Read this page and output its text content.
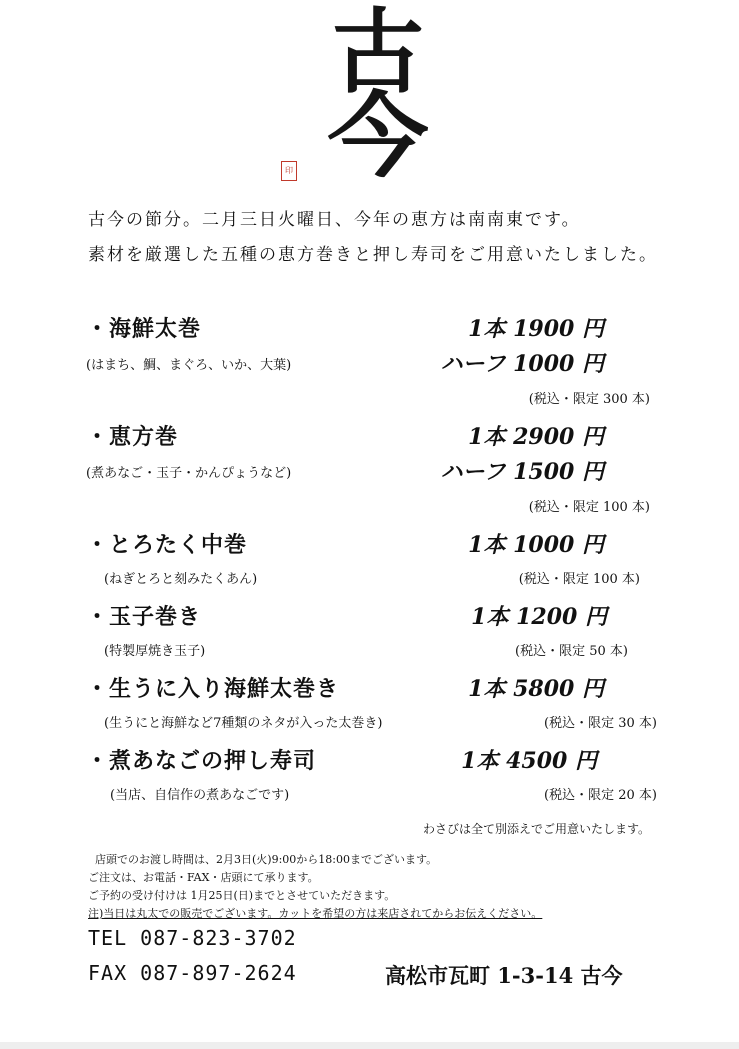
古
今
印
古今の節分。二月三日火曜日、今年の恵方は南南東です。
素材を厳選した五種の恵方巻きと押し寿司をご用意いたしました。
・海鮮太巻	1本 1900 円
(はまち、鯛、まぐろ、いか、大葉)	ハーフ 1000 円
(税込・限定 300 本)
・恵方巻	1本 2900 円
(煮あなご・玉子・かんぴょうなど)	ハーフ 1500 円
(税込・限定 100 本)
・とろたく中巻	1本 1000 円
(ねぎとろと刻みたくあん)	(税込・限定 100 本)
・玉子巻き	1本 1200 円
(特製厚焼き玉子)	(税込・限定 50 本)
・生うに入り海鮮太巻き	1本 5800 円
(生うにと海鮮など7種類のネタが入った太巻き)	(税込・限定 30 本)
・煮あなごの押し寿司	1本 4500 円
(当店、自信作の煮あなごです)	(税込・限定 20 本)
わさびは全て別添えでご用意いたします。
店頭でのお渡し時間は、2月3日(火)9:00から18:00までございます。
ご注文は、お電話・FAX・店頭にて承ります。
ご予約の受け付けは 1月25日(日)までとさせていただきます。
注)当日は丸太での販売でございます。カットを希望の方は来店されてからお伝えください。
TEL 087-823-3702
FAX 087-897-2624	高松市瓦町 1-3-14 古今
